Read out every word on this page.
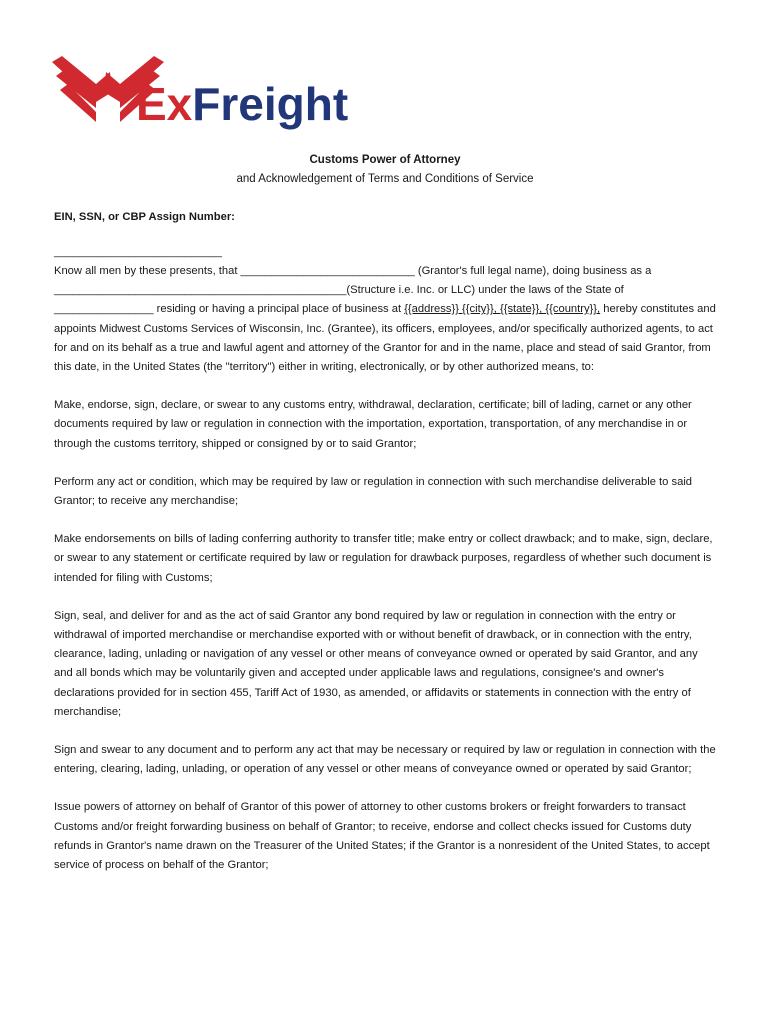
ExFreight
Customs Power of Attorney
and Acknowledgement of Terms and Conditions of Service
EIN, SSN, or CBP Assign Number:
___________________________

Know all men by these presents, that ____________________________ (Grantor's full legal name), doing business as a _______________________________________________(Structure i.e. Inc. or LLC) under the laws of the State of ________________ residing or having a principal place of business at {{address}} {{city}}, {{state}}, {{country}}, hereby constitutes and appoints Midwest Customs Services of Wisconsin, Inc. (Grantee), its officers, employees, and/or specifically authorized agents, to act for and on its behalf as a true and lawful agent and attorney of the Grantor for and in the name, place and stead of said Grantor, from this date, in the United States (the "territory") either in writing, electronically, or by other authorized means, to:

Make, endorse, sign, declare, or swear to any customs entry, withdrawal, declaration, certificate; bill of lading, carnet or any other documents required by law or regulation in connection with the importation, exportation, transportation, of any merchandise in or through the customs territory, shipped or consigned by or to said Grantor;

Perform any act or condition, which may be required by law or regulation in connection with such merchandise deliverable to said Grantor; to receive any merchandise;

Make endorsements on bills of lading conferring authority to transfer title; make entry or collect drawback; and to make, sign, declare, or swear to any statement or certificate required by law or regulation for drawback purposes, regardless of whether such document is intended for filing with Customs;

Sign, seal, and deliver for and as the act of said Grantor any bond required by law or regulation in connection with the entry or withdrawal of imported merchandise or merchandise exported with or without benefit of drawback, or in connection with the entry, clearance, lading, unlading or navigation of any vessel or other means of conveyance owned or operated by said Grantor, and any and all bonds which may be voluntarily given and accepted under applicable laws and regulations, consignee's and owner's declarations provided for in section 455, Tariff Act of 1930, as amended, or affidavits or statements in connection with the entry of merchandise;

Sign and swear to any document and to perform any act that may be necessary or required by law or regulation in connection with the entering, clearing, lading, unlading, or operation of any vessel or other means of conveyance owned or operated by said Grantor;

Issue powers of attorney on behalf of Grantor of this power of attorney to other customs brokers or freight forwarders to transact Customs and/or freight forwarding business on behalf of Grantor; to receive, endorse and collect checks issued for Customs duty refunds in Grantor's name drawn on the Treasurer of the United States; if the Grantor is a nonresident of the United States, to accept service of process on behalf of the Grantor;
